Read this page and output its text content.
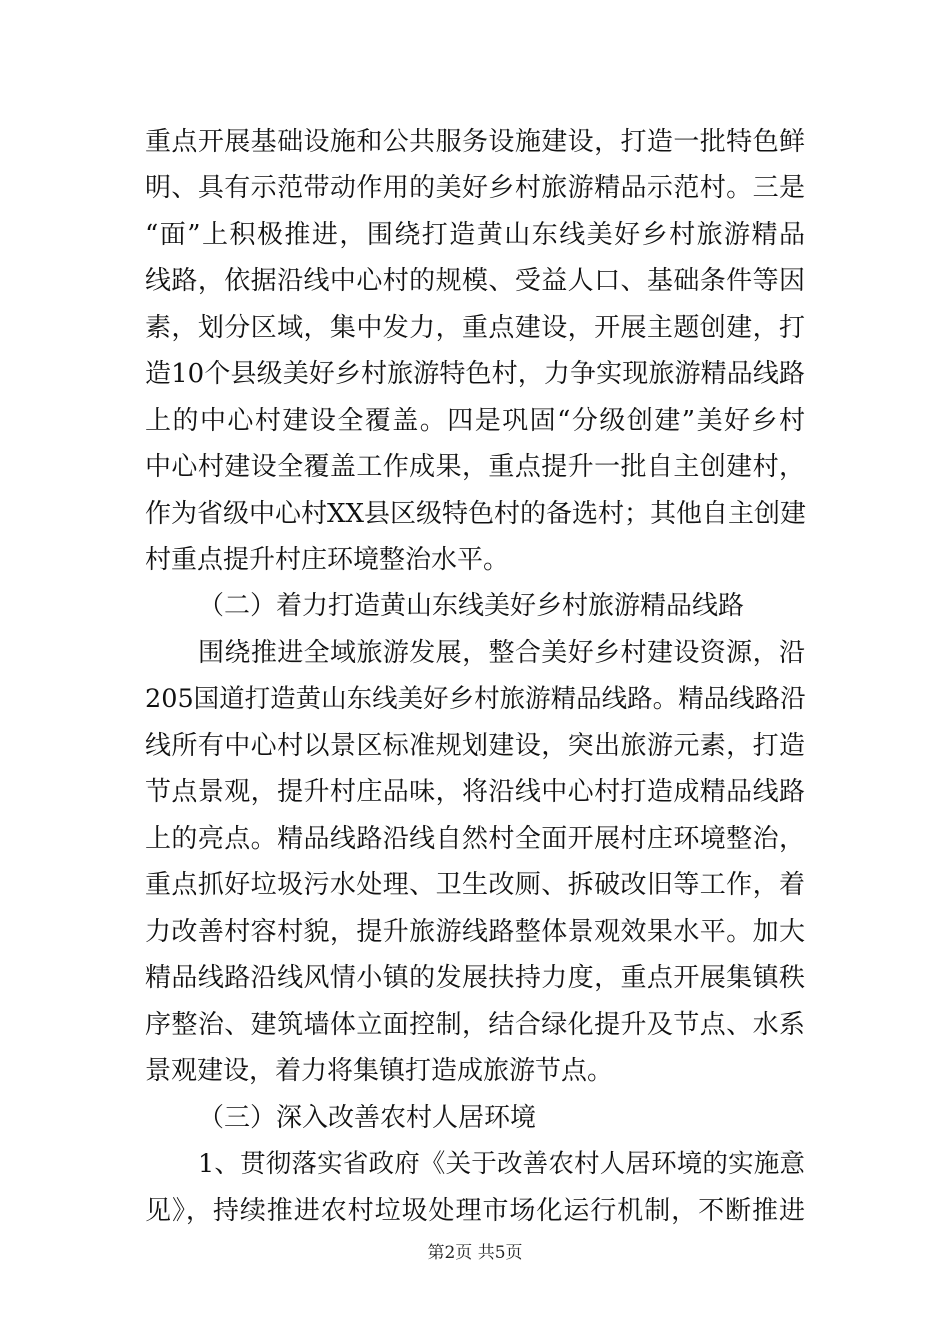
重点开展基础设施和公共服务设施建设，打造一批特色鲜
明、具有示范带动作用的美好乡村旅游精品示范村。三是
“面”上积极推进，围绕打造黄山东线美好乡村旅游精品
线路，依据沿线中心村的规模、受益人口、基础条件等因
素，划分区域，集中发力，重点建设，开展主题创建，打
造10个县级美好乡村旅游特色村，力争实现旅游精品线路
上的中心村建设全覆盖。四是巩固“分级创建”美好乡村
中心村建设全覆盖工作成果，重点提升一批自主创建村，
作为省级中心村XX县区级特色村的备选村；其他自主创建
村重点提升村庄环境整治水平。
（二）着力打造黄山东线美好乡村旅游精品线路
围绕推进全域旅游发展，整合美好乡村建设资源，沿
205国道打造黄山东线美好乡村旅游精品线路。精品线路沿
线所有中心村以景区标准规划建设，突出旅游元素，打造
节点景观，提升村庄品味，将沿线中心村打造成精品线路
上的亮点。精品线路沿线自然村全面开展村庄环境整治，
重点抓好垃圾污水处理、卫生改厕、拆破改旧等工作，着
力改善村容村貌，提升旅游线路整体景观效果水平。加大
精品线路沿线风情小镇的发展扶持力度，重点开展集镇秩
序整治、建筑墙体立面控制，结合绿化提升及节点、水系
景观建设，着力将集镇打造成旅游节点。
（三）深入改善农村人居环境
1、贯彻落实省政府《关于改善农村人居环境的实施意
见》，持续推进农村垃圾处理市场化运行机制，不断推进
第2页 共5页
